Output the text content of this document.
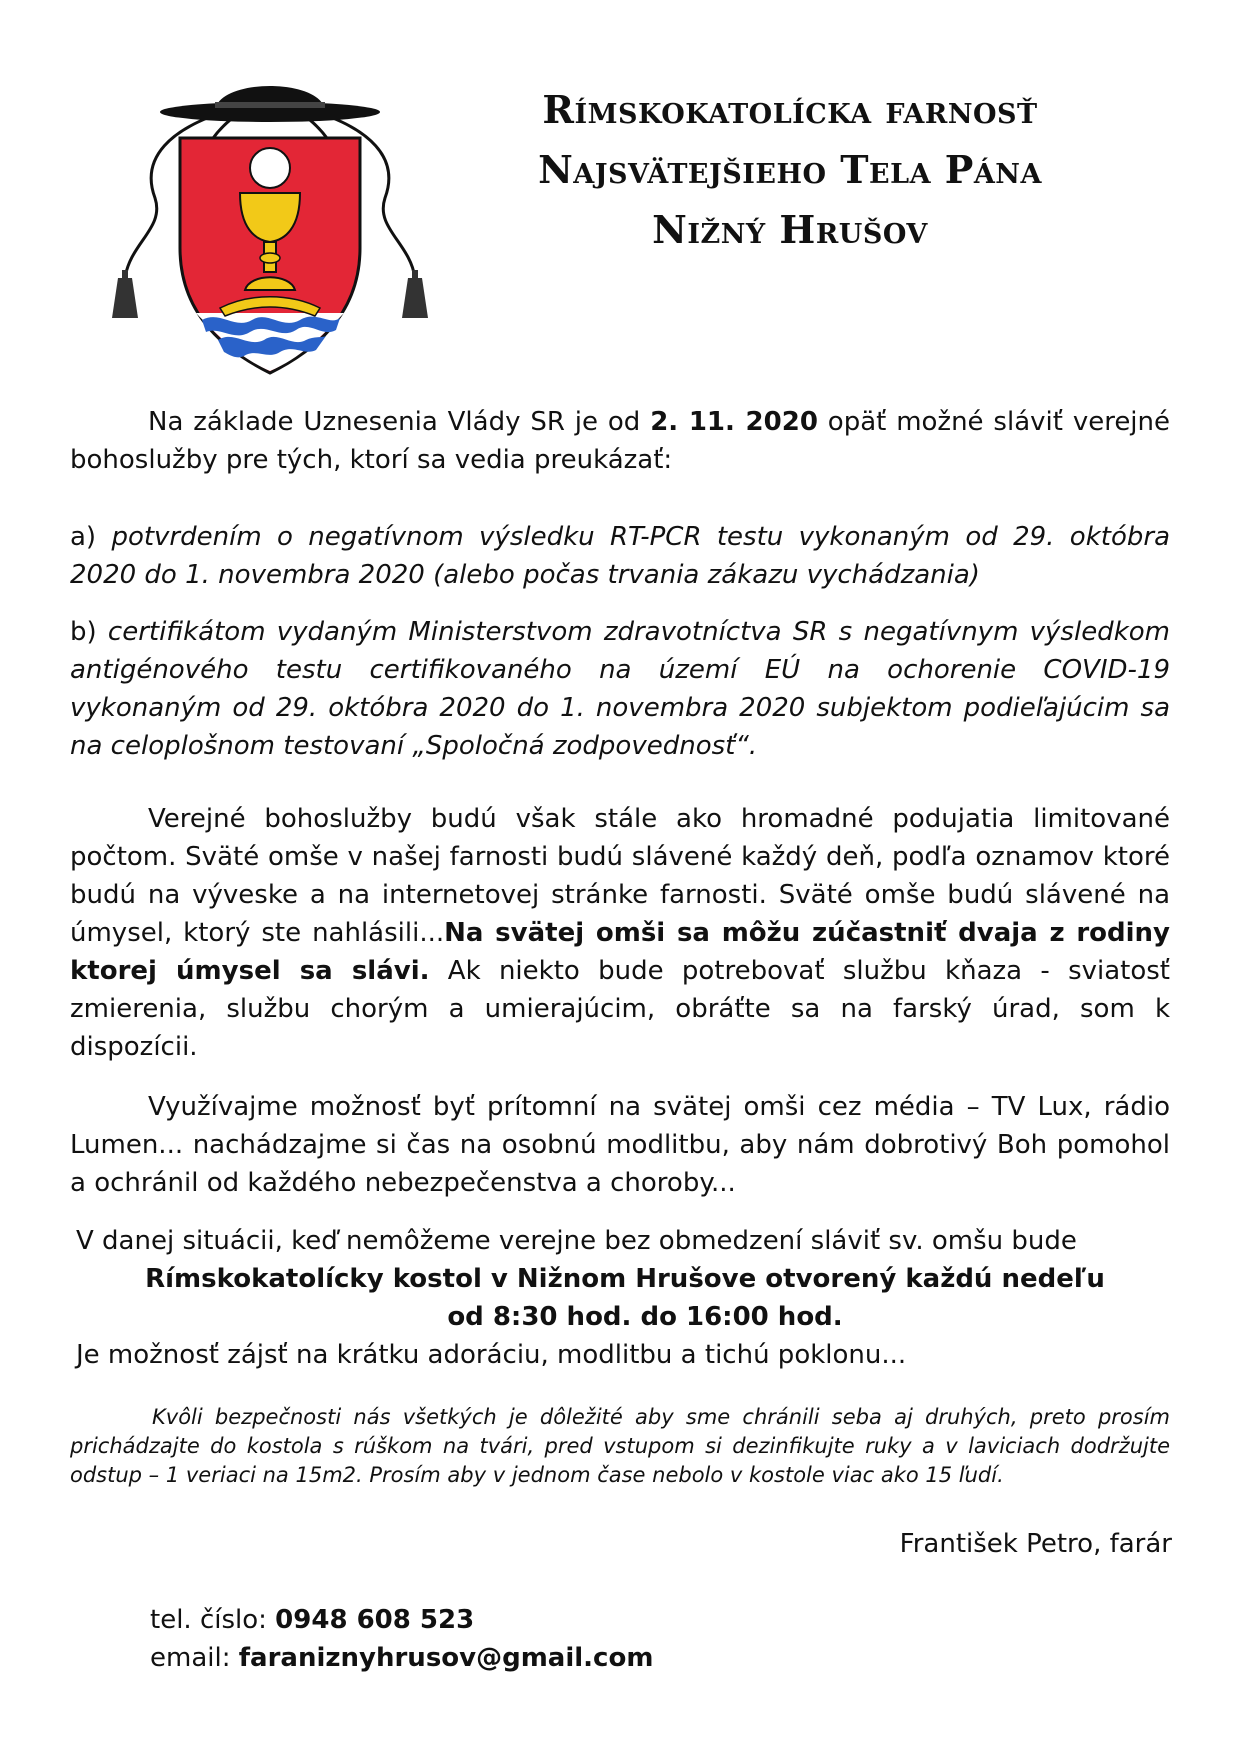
Rímskokatolícka farnosť
Najsvätejšieho Tela Pána
Nižný Hrušov
Na základe Uznesenia Vlády SR je od 2. 11. 2020 opäť možné sláviť verejné bohoslužby pre tých, ktorí sa vedia preukázať:
a) potvrdením o negatívnom výsledku RT-PCR testu vykonaným od 29. októbra 2020 do 1. novembra 2020 (alebo počas trvania zákazu vychádzania)
b) certifikátom vydaným Ministerstvom zdravotníctva SR s negatívnym výsledkom antigénového testu certifikovaného na území EÚ na ochorenie COVID-19 vykonaným od 29. októbra 2020 do 1. novembra 2020 subjektom podieľajúcim sa na celoplošnom testovaní „Spoločná zodpovednosť“.
Verejné bohoslužby budú však stále ako hromadné podujatia limitované počtom. Sväté omše v našej farnosti budú slávené každý deň, podľa oznamov ktoré budú na výveske a na internetovej stránke farnosti. Sväté omše budú slávené na úmysel, ktorý ste nahlásili...Na svätej omši sa môžu zúčastniť dvaja z rodiny ktorej úmysel sa slávi. Ak niekto bude potrebovať službu kňaza - sviatosť zmierenia, službu chorým a umierajúcim, obráťte sa na farský úrad, som k dispozícii.
Využívajme možnosť byť prítomní na svätej omši cez média – TV Lux, rádio Lumen... nachádzajme si čas na osobnú modlitbu, aby nám dobrotivý Boh pomohol a ochránil od každého nebezpečenstva a choroby...

V danej situácii, keď nemôžeme verejne bez obmedzení sláviť sv. omšu bude

Rímskokatolícky kostol v Nižnom Hrušove otvorený každú nedeľu

od 8:30 hod. do 16:00 hod.

Je možnosť zájsť na krátku adoráciu, modlitbu a tichú poklonu...

Kvôli bezpečnosti nás všetkých je dôležité aby sme chránili seba aj druhých, preto prosím prichádzajte do kostola s rúškom na tvári, pred vstupom si dezinfikujte ruky a v laviciach dodržujte odstup – 1 veriaci na 15m2. Prosím aby v jednom čase nebolo v kostole viac ako 15 ľudí.
František Petro, farár
tel. číslo: 0948 608 523
email: faraniznyhrusov@gmail.com
